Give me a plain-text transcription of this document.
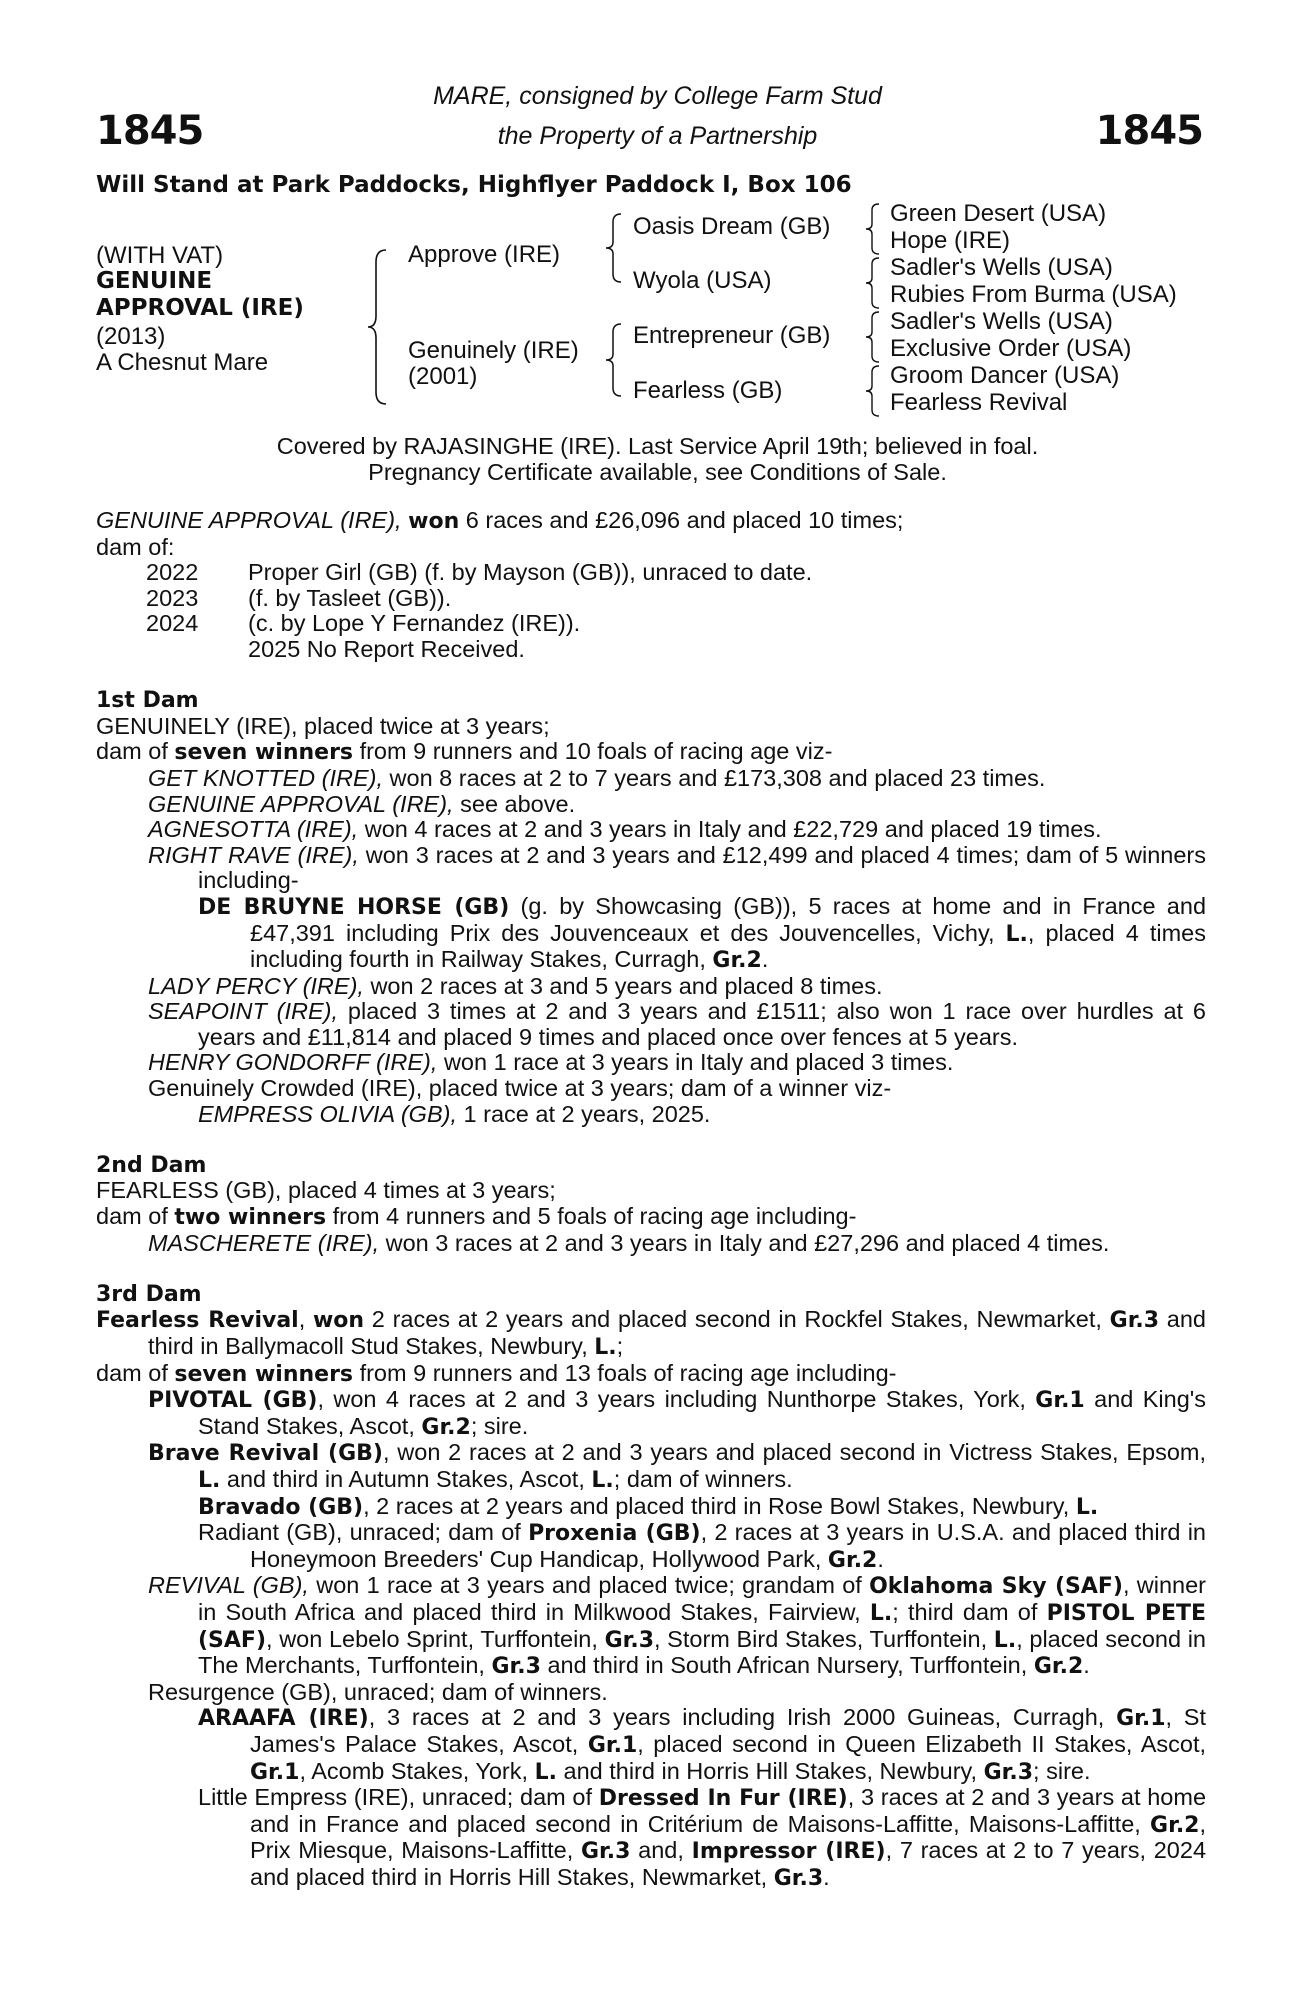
1845	1845
MARE, consigned by College Farm Stud
the Property of a Partnership
Will Stand at Park Paddocks, Highflyer Paddock I, Box 106
(WITH VAT)
GENUINE
APPROVAL (IRE)
(2013)
A Chesnut Mare
Approve (IRE)
Genuinely (IRE)
(2001)
Oasis Dream (GB)
Wyola (USA)
Entrepreneur (GB)
Fearless (GB)
Green Desert (USA)
Hope (IRE)
Sadler's Wells (USA)
Rubies From Burma (USA)
Sadler's Wells (USA)
Exclusive Order (USA)
Groom Dancer (USA)
Fearless Revival
Covered by RAJASINGHE (IRE). Last Service April 19th; believed in foal.
Pregnancy Certificate available, see Conditions of Sale.

GENUINE APPROVAL (IRE), won 6 races and £26,096 and placed 10 times;

dam of:

2022	Proper Girl (GB) (f. by Mayson (GB)), unraced to date.
2023	(f. by Tasleet (GB)).
2024	(c. by Lope Y Fernandez (IRE)).
2025 No Report Received.

1st Dam

GENUINELY (IRE), placed twice at 3 years;

dam of seven winners from 9 runners and 10 foals of racing age viz-

GET KNOTTED (IRE), won 8 races at 2 to 7 years and £173,308 and placed 23 times.

GENUINE APPROVAL (IRE), see above.

AGNESOTTA (IRE), won 4 races at 2 and 3 years in Italy and £22,729 and placed 19 times.

RIGHT RAVE (IRE), won 3 races at 2 and 3 years and £12,499 and placed 4 times; dam of 5 winners including-

DE BRUYNE HORSE (GB) (g. by Showcasing (GB)), 5 races at home and in France and £47,391 including Prix des Jouvenceaux et des Jouvencelles, Vichy, L., placed 4 times including fourth in Railway Stakes, Curragh, Gr.2.

LADY PERCY (IRE), won 2 races at 3 and 5 years and placed 8 times.

SEAPOINT (IRE), placed 3 times at 2 and 3 years and £1511; also won 1 race over hurdles at 6 years and £11,814 and placed 9 times and placed once over fences at 5 years.

HENRY GONDORFF (IRE), won 1 race at 3 years in Italy and placed 3 times.

Genuinely Crowded (IRE), placed twice at 3 years; dam of a winner viz-

EMPRESS OLIVIA (GB), 1 race at 2 years, 2025.

2nd Dam

FEARLESS (GB), placed 4 times at 3 years;

dam of two winners from 4 runners and 5 foals of racing age including-

MASCHERETE (IRE), won 3 races at 2 and 3 years in Italy and £27,296 and placed 4 times.

3rd Dam

Fearless Revival, won 2 races at 2 years and placed second in Rockfel Stakes, Newmarket, Gr.3 and third in Ballymacoll Stud Stakes, Newbury, L.;

dam of seven winners from 9 runners and 13 foals of racing age including-

PIVOTAL (GB), won 4 races at 2 and 3 years including Nunthorpe Stakes, York, Gr.1 and King's Stand Stakes, Ascot, Gr.2; sire.

Brave Revival (GB), won 2 races at 2 and 3 years and placed second in Victress Stakes, Epsom, L. and third in Autumn Stakes, Ascot, L.; dam of winners.

Bravado (GB), 2 races at 2 years and placed third in Rose Bowl Stakes, Newbury, L.

Radiant (GB), unraced; dam of Proxenia (GB), 2 races at 3 years in U.S.A. and placed third in Honeymoon Breeders' Cup Handicap, Hollywood Park, Gr.2.

REVIVAL (GB), won 1 race at 3 years and placed twice; grandam of Oklahoma Sky (SAF), winner in South Africa and placed third in Milkwood Stakes, Fairview, L.; third dam of PISTOL PETE (SAF), won Lebelo Sprint, Turffontein, Gr.3, Storm Bird Stakes, Turffontein, L., placed second in The Merchants, Turffontein, Gr.3 and third in South African Nursery, Turffontein, Gr.2.

Resurgence (GB), unraced; dam of winners.

ARAAFA (IRE), 3 races at 2 and 3 years including Irish 2000 Guineas, Curragh, Gr.1, St James's Palace Stakes, Ascot, Gr.1, placed second in Queen Elizabeth II Stakes, Ascot, Gr.1, Acomb Stakes, York, L. and third in Horris Hill Stakes, Newbury, Gr.3; sire.

Little Empress (IRE), unraced; dam of Dressed In Fur (IRE), 3 races at 2 and 3 years at home and in France and placed second in Critérium de Maisons-Laffitte, Maisons-Laffitte, Gr.2, Prix Miesque, Maisons-Laffitte, Gr.3 and, Impressor (IRE), 7 races at 2 to 7 years, 2024 and placed third in Horris Hill Stakes, Newmarket, Gr.3.
